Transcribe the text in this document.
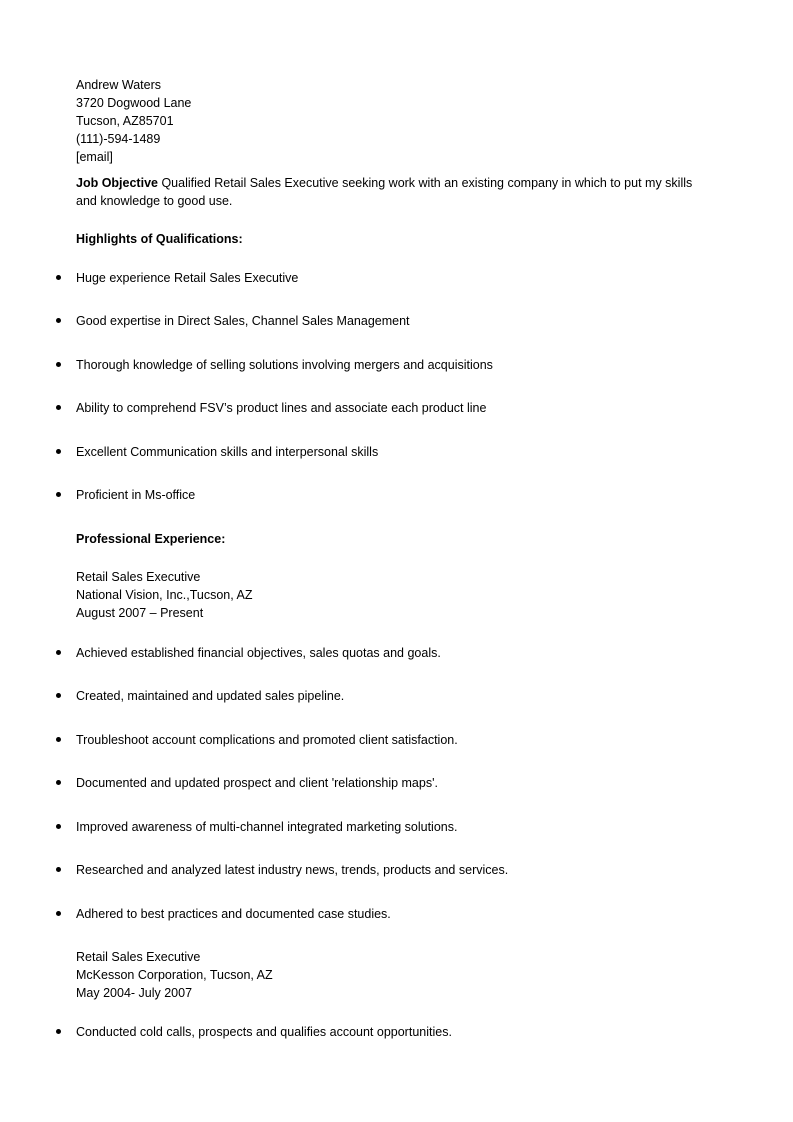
Andrew Waters
3720 Dogwood Lane
Tucson, AZ85701
(111)-594-1489
[email]
Job Objective Qualified Retail Sales Executive seeking work with an existing company in which to put my skills and knowledge to good use.
Highlights of Qualifications:
Huge experience Retail Sales Executive
Good expertise in Direct Sales, Channel Sales Management
Thorough knowledge of selling solutions involving mergers and acquisitions
Ability to comprehend FSV’s product lines and associate each product line
Excellent Communication skills and interpersonal skills
Proficient in Ms-office
Professional Experience:
Retail Sales Executive
National Vision, Inc.,Tucson, AZ
August 2007 – Present
Achieved established financial objectives, sales quotas and goals.
Created, maintained and updated sales pipeline.
Troubleshoot account complications and promoted client satisfaction.
Documented and updated prospect and client 'relationship maps'.
Improved awareness of multi-channel integrated marketing solutions.
Researched and analyzed latest industry news, trends, products and services.
Adhered to best practices and documented case studies.
Retail Sales Executive
McKesson Corporation, Tucson, AZ
May 2004- July 2007
Conducted cold calls, prospects and qualifies account opportunities.
